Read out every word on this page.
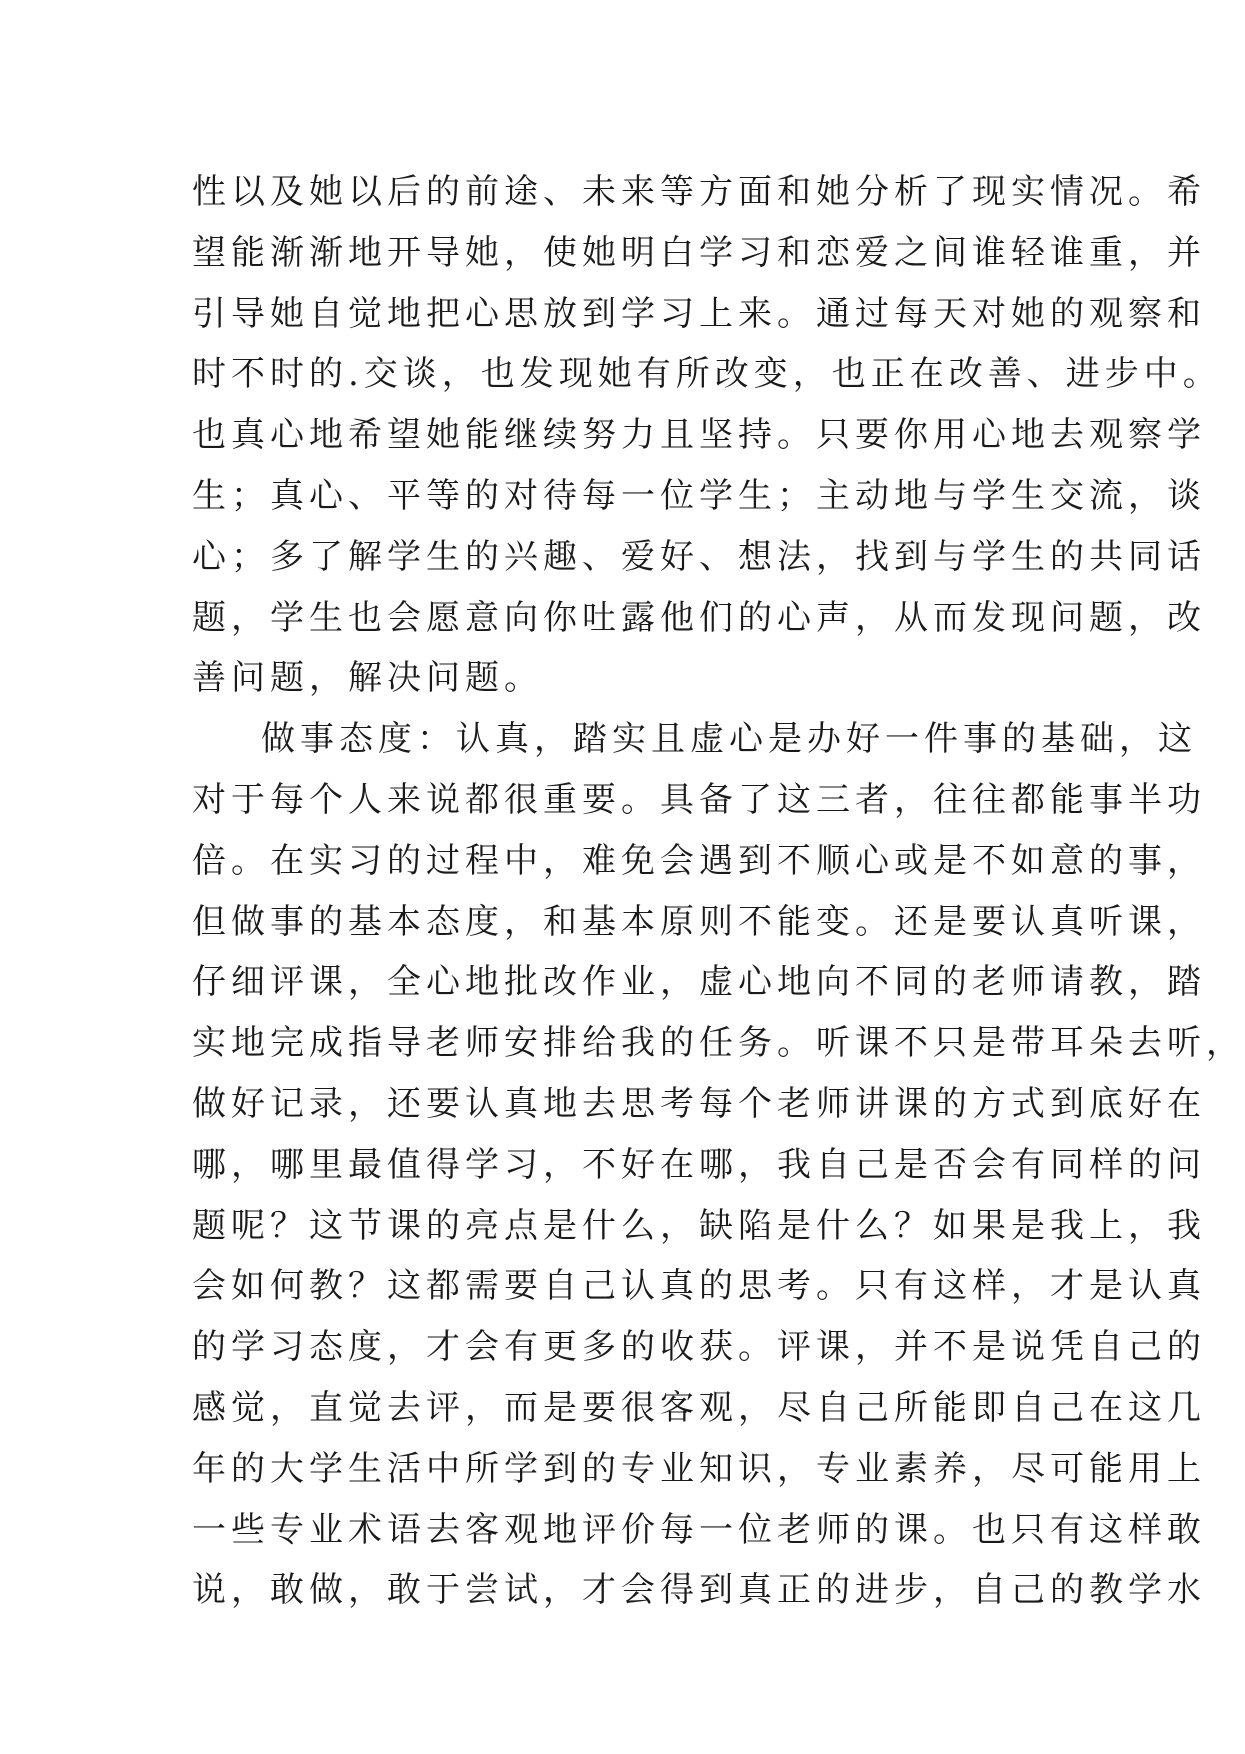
性以及她以后的前途、未来等方面和她分析了现实情况。希
望能渐渐地开导她，使她明白学习和恋爱之间谁轻谁重，并
引导她自觉地把心思放到学习上来。通过每天对她的观察和
时不时的.交谈，也发现她有所改变，也正在改善、进步中。
也真心地希望她能继续努力且坚持。只要你用心地去观察学
生；真心、平等的对待每一位学生；主动地与学生交流，谈
心；多了解学生的兴趣、爱好、想法，找到与学生的共同话
题，学生也会愿意向你吐露他们的心声，从而发现问题，改
善问题，解决问题。
做事态度：认真，踏实且虚心是办好一件事的基础，这
对于每个人来说都很重要。具备了这三者，往往都能事半功
倍。在实习的过程中，难免会遇到不顺心或是不如意的事，
但做事的基本态度，和基本原则不能变。还是要认真听课，
仔细评课，全心地批改作业，虚心地向不同的老师请教，踏
实地完成指导老师安排给我的任务。听课不只是带耳朵去听，
做好记录，还要认真地去思考每个老师讲课的方式到底好在
哪，哪里最值得学习，不好在哪，我自己是否会有同样的问
题呢？这节课的亮点是什么，缺陷是什么？如果是我上，我
会如何教？这都需要自己认真的思考。只有这样，才是认真
的学习态度，才会有更多的收获。评课，并不是说凭自己的
感觉，直觉去评，而是要很客观，尽自己所能即自己在这几
年的大学生活中所学到的专业知识，专业素养，尽可能用上
一些专业术语去客观地评价每一位老师的课。也只有这样敢
说，敢做，敢于尝试，才会得到真正的进步，自己的教学水
